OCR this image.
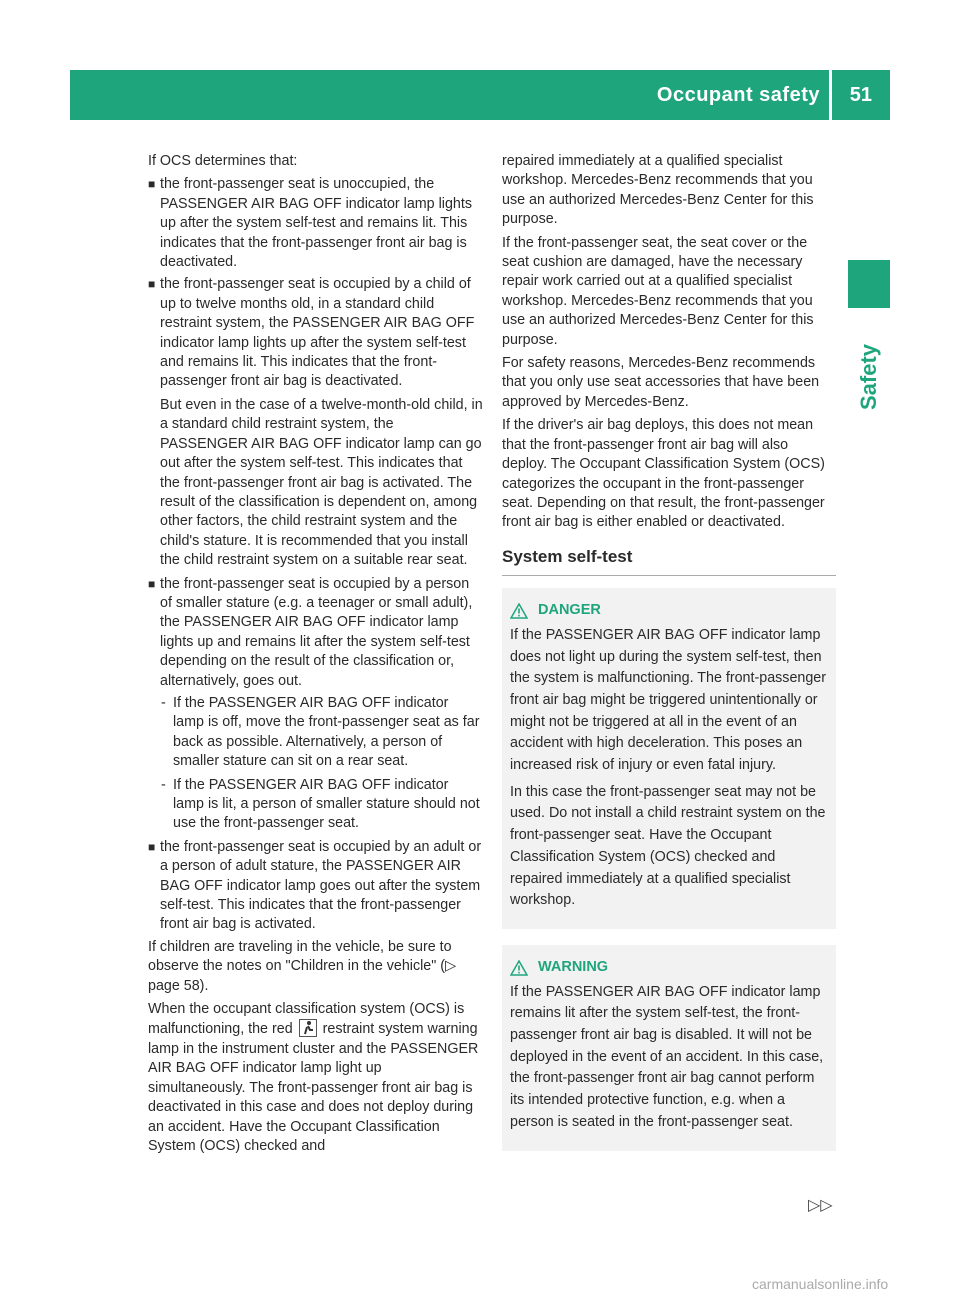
Occupant safety 51
Safety

If OCS determines that:

■ the front-passenger seat is unoccupied, the PASSENGER AIR BAG OFF indicator lamp lights up after the system self-test and remains lit. This indicates that the front-passenger front air bag is deactivated.
■ the front-passenger seat is occupied by a child of up to twelve months old, in a standard child restraint system, the PASSENGER AIR BAG OFF indicator lamp lights up after the system self-test and remains lit. This indicates that the front-passenger front air bag is deactivated.

But even in the case of a twelve-month-old child, in a standard child restraint system, the PASSENGER AIR BAG OFF indicator lamp can go out after the system self-test. This indicates that the front-passenger front air bag is activated. The result of the classification is dependent on, among other factors, the child restraint system and the child's stature. It is recommended that you install the child restraint system on a suitable rear seat.

■ the front-passenger seat is occupied by a person of smaller stature (e.g. a teenager or small adult), the PASSENGER AIR BAG OFF indicator lamp lights up and remains lit after the system self-test depending on the result of the classification or, alternatively, goes out.
- If the PASSENGER AIR BAG OFF indicator lamp is off, move the front-passenger seat as far back as possible. Alternatively, a person of smaller stature can sit on a rear seat.
- If the PASSENGER AIR BAG OFF indicator lamp is lit, a person of smaller stature should not use the front-passenger seat.
■ the front-passenger seat is occupied by an adult or a person of adult stature, the PASSENGER AIR BAG OFF indicator lamp goes out after the system self-test. This indicates that the front-passenger front air bag is activated.

If children are traveling in the vehicle, be sure to observe the notes on "Children in the vehicle" (▷ page 58).

When the occupant classification system (OCS) is malfunctioning, the red restraint system warning lamp in the instrument cluster and the PASSENGER AIR BAG OFF indicator lamp light up simultaneously. The front-passenger front air bag is deactivated in this case and does not deploy during an accident. Have the Occupant Classification System (OCS) checked and

repaired immediately at a qualified specialist workshop. Mercedes-Benz recommends that you use an authorized Mercedes-Benz Center for this purpose.

If the front-passenger seat, the seat cover or the seat cushion are damaged, have the necessary repair work carried out at a qualified specialist workshop. Mercedes-Benz recommends that you use an authorized Mercedes-Benz Center for this purpose.

For safety reasons, Mercedes-Benz recommends that you only use seat accessories that have been approved by Mercedes-Benz.

If the driver's air bag deploys, this does not mean that the front-passenger front air bag will also deploy. The Occupant Classification System (OCS) categorizes the occupant in the front-passenger seat. Depending on that result, the front-passenger front air bag is either enabled or deactivated.

System self-test
DANGER

If the PASSENGER AIR BAG OFF indicator lamp does not light up during the system self-test, then the system is malfunctioning. The front-passenger front air bag might be triggered unintentionally or might not be triggered at all in the event of an accident with high deceleration. This poses an increased risk of injury or even fatal injury.

In this case the front-passenger seat may not be used. Do not install a child restraint system on the front-passenger seat. Have the Occupant Classification System (OCS) checked and repaired immediately at a qualified specialist workshop.

WARNING

If the PASSENGER AIR BAG OFF indicator lamp remains lit after the system self-test, the front-passenger front air bag is disabled. It will not be deployed in the event of an accident. In this case, the front-passenger front air bag cannot perform its intended protective function, e.g. when a person is seated in the front-passenger seat.

▷▷
carmanualsonline.info
